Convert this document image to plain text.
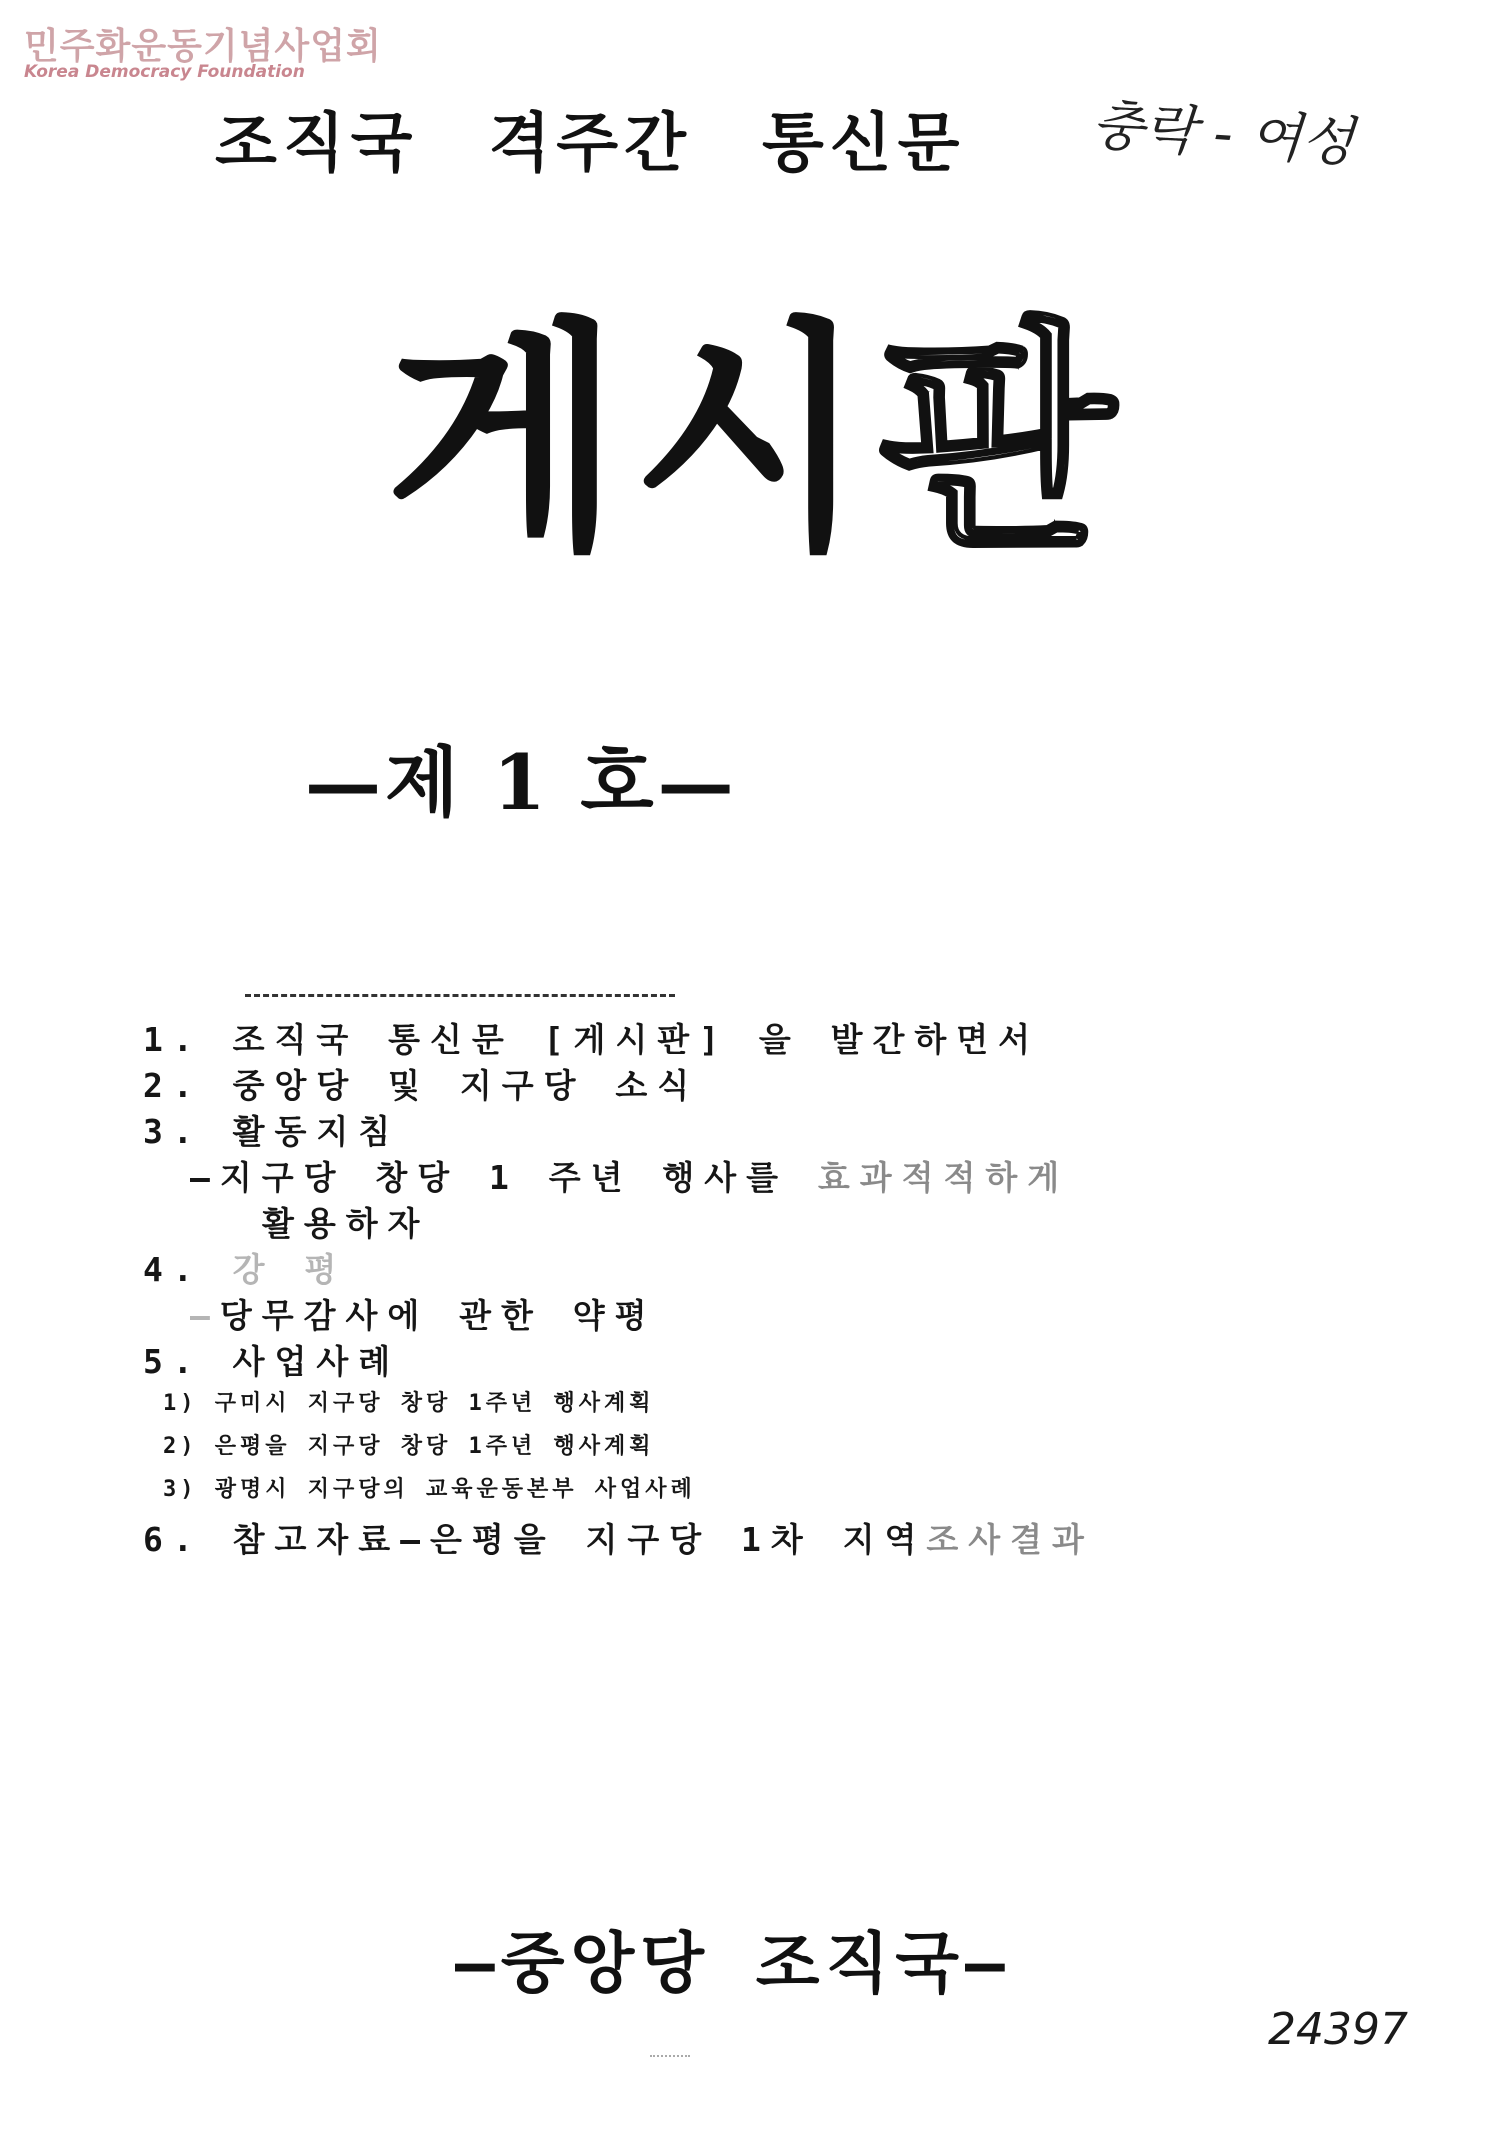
민주화운동기념사업회
Korea Democracy Foundation
조직국 격주간 통신문 충락 - 여성
게시판
—제 1 호—
1. 조직국 통신문 [게시판] 을 발간하면서
2. 중앙당 및 지구당 소식
3. 활동지침
—지구당 창당 1 주년 행사를 효과적적하게
활용하자
4. 강 평
—당무감사에 관한 약평
5. 사업사례
1) 구미시 지구당 창당 1주년 행사계획
2) 은평을 지구당 창당 1주년 행사계획
3) 광명시 지구당의 교육운동본부 사업사례
6. 참고자료—은평을 지구당 1차 지역조사결과
—중앙당 조직국—
24397
